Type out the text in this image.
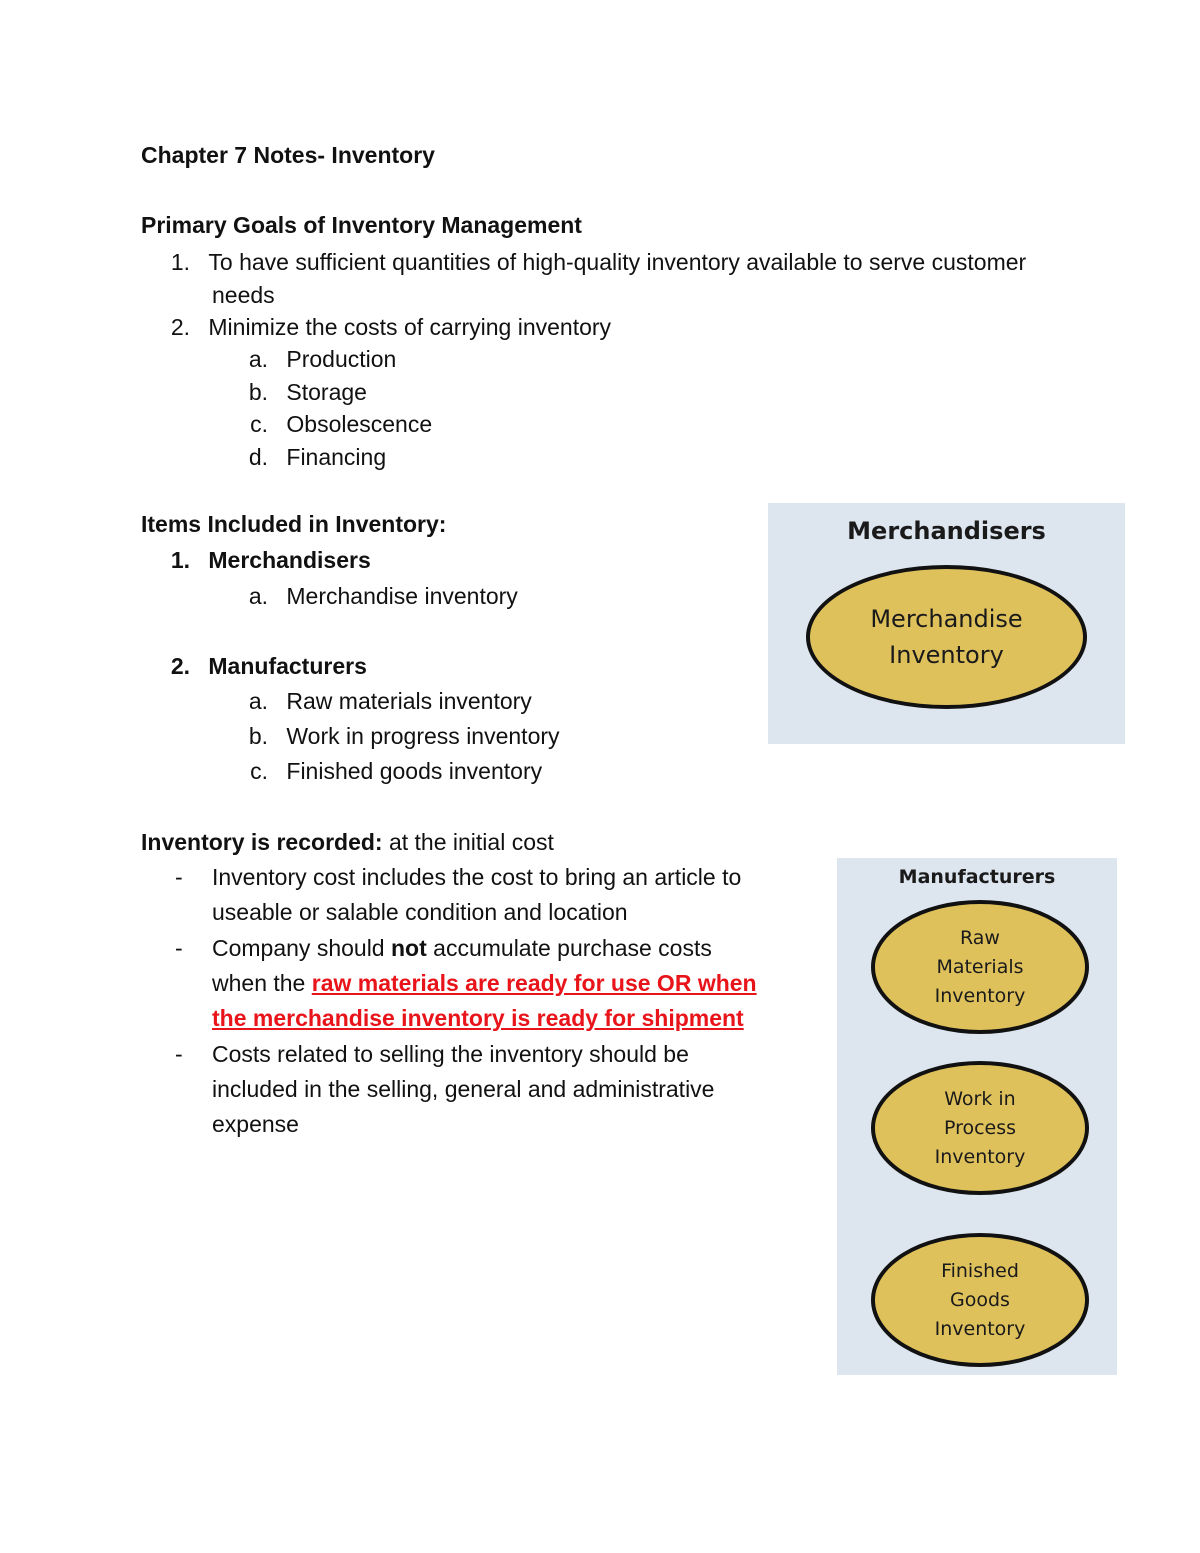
Chapter 7 Notes- Inventory
Primary Goals of Inventory Management
1. To have sufficient quantities of high-quality inventory available to serve customer
needs
2. Minimize the costs of carrying inventory
a. Production
b. Storage
c. Obsolescence
d. Financing
Items Included in Inventory:
1. Merchandisers
a. Merchandise inventory
2. Manufacturers
a. Raw materials inventory
b. Work in progress inventory
c. Finished goods inventory
Inventory is recorded: at the initial cost
- Inventory cost includes the cost to bring an article to
useable or salable condition and location
- Company should not accumulate purchase costs
when the raw materials are ready for use OR when
the merchandise inventory is ready for shipment
- Costs related to selling the inventory should be
included in the selling, general and administrative
expense
Merchandisers
Merchandise
Inventory
Manufacturers
Raw
Materials
Inventory
Work in
Process
Inventory
Finished
Goods
Inventory
